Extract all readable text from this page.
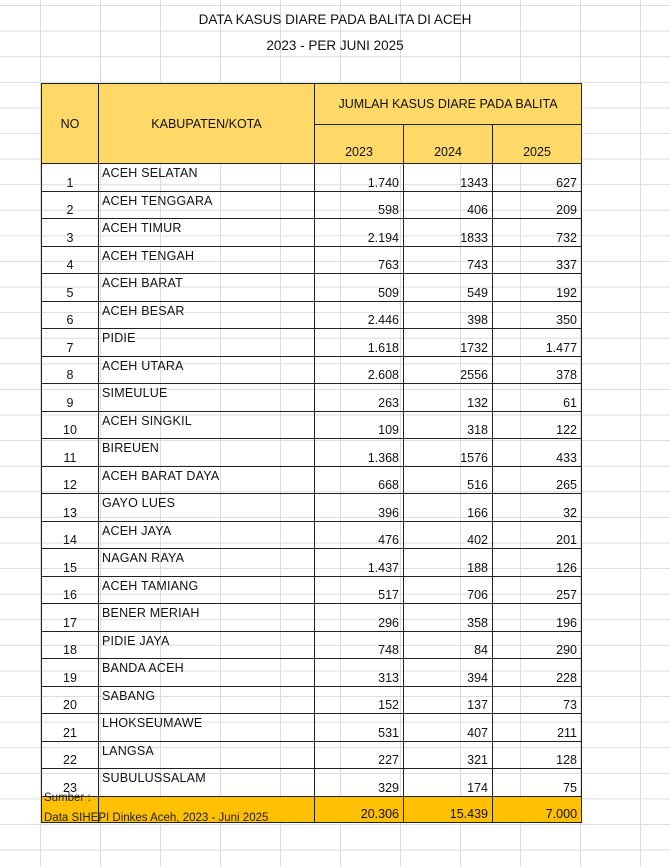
DATA KASUS DIARE PADA BALITA DI ACEH
2023 - PER JUNI 2025
NO	KABUPATEN/KOTA	JUMLAH KASUS DIARE PADA BALITA		
		2023	2024	2025
1	ACEH SELATAN	1.740	1343	627
2	ACEH TENGGARA	598	406	209
3	ACEH TIMUR	2.194	1833	732
4	ACEH TENGAH	763	743	337
5	ACEH BARAT	509	549	192
6	ACEH BESAR	2.446	398	350
7	PIDIE	1.618	1732	1.477
8	ACEH UTARA	2.608	2556	378
9	SIMEULUE	263	132	61
10	ACEH SINGKIL	109	318	122
11	BIREUEN	1.368	1576	433
12	ACEH BARAT DAYA	668	516	265
13	GAYO LUES	396	166	32
14	ACEH JAYA	476	402	201
15	NAGAN RAYA	1.437	188	126
16	ACEH TAMIANG	517	706	257
17	BENER MERIAH	296	358	196
18	PIDIE JAYA	748	84	290
19	BANDA ACEH	313	394	228
20	SABANG	152	137	73
21	LHOKSEUMAWE	531	407	211
22	LANGSA	227	321	128
23	SUBULUSSALAM	329	174	75
		20.306	15.439	7.000
Sumber :
Data SIHEPI Dinkes Aceh, 2023 - Juni 2025
